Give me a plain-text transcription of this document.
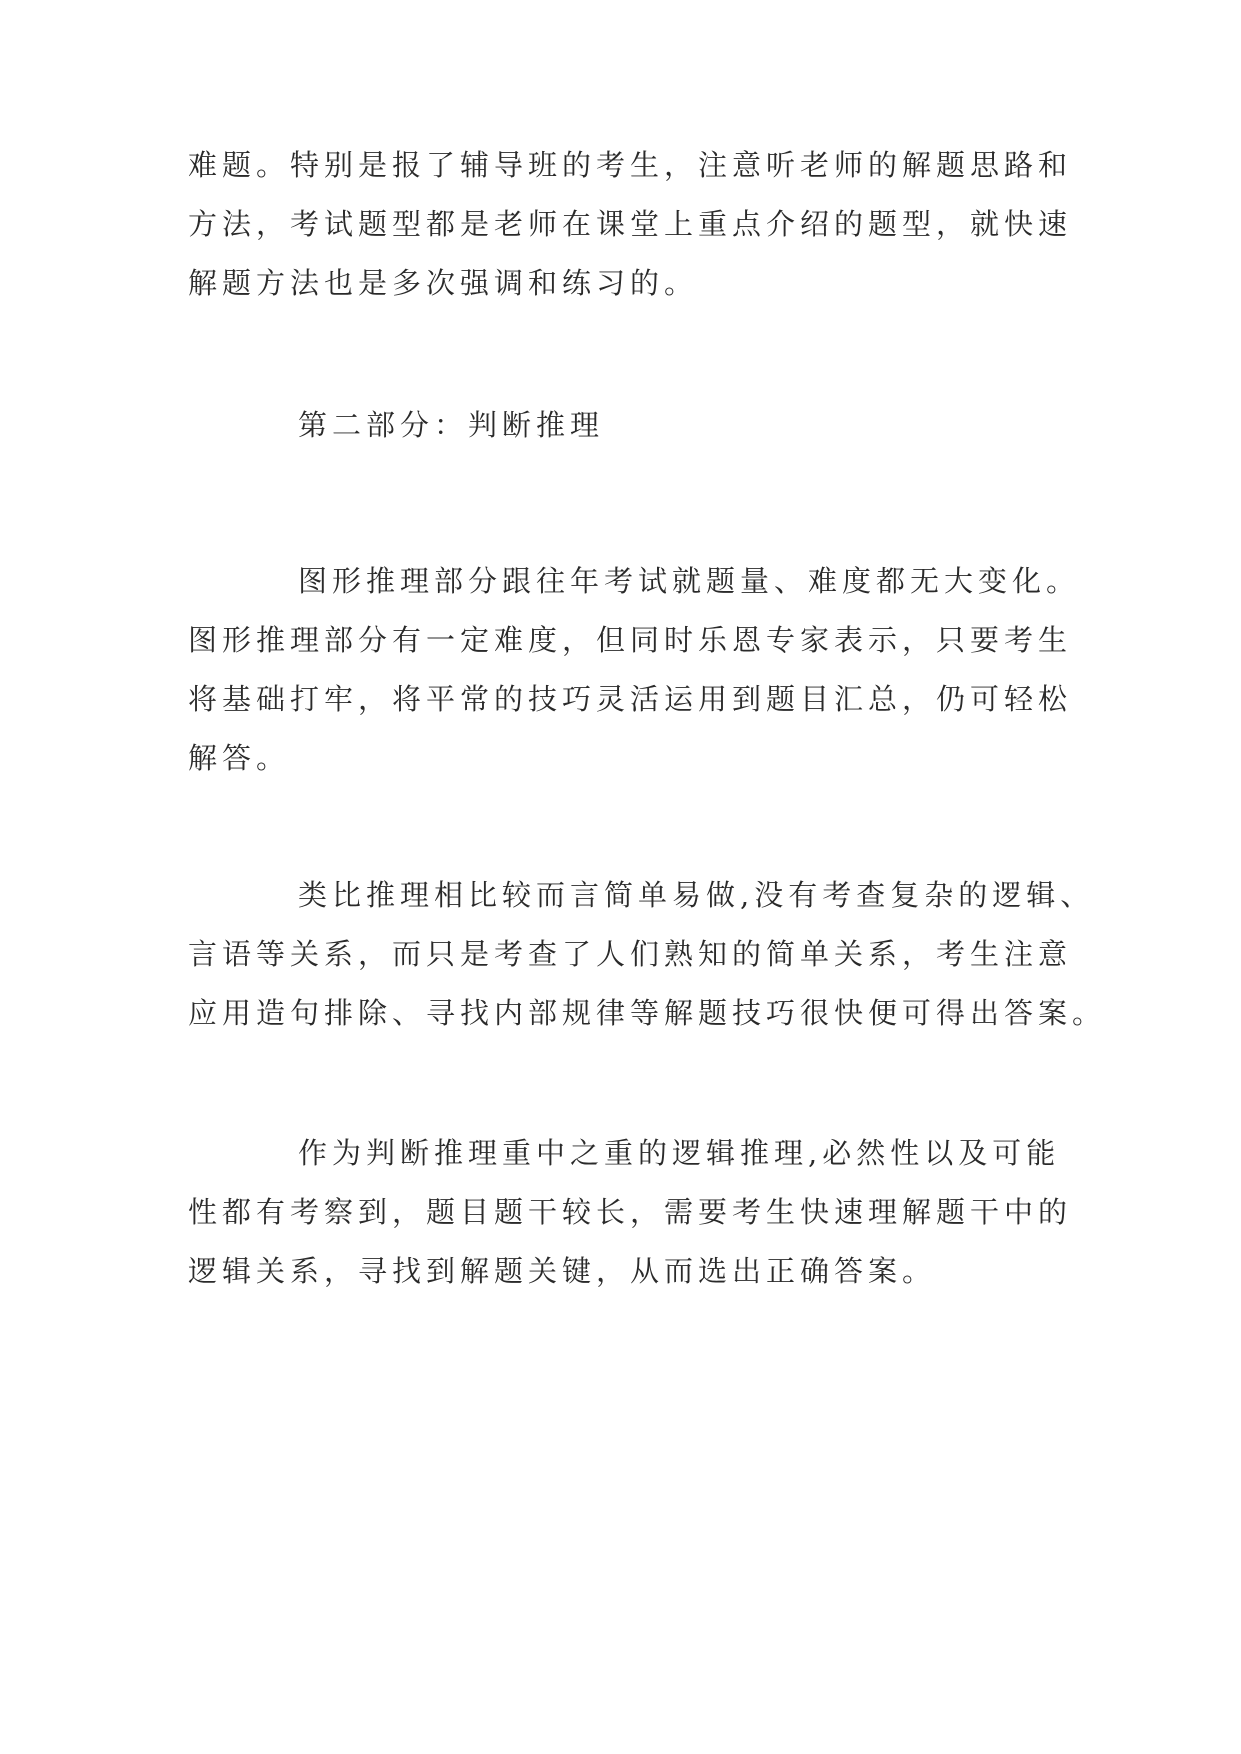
难题。特别是报了辅导班的考生，注意听老师的解题思路和
方法，考试题型都是老师在课堂上重点介绍的题型，就快速
解题方法也是多次强调和练习的。
第二部分：判断推理
图形推理部分跟往年考试就题量、难度都无大变化。
图形推理部分有一定难度，但同时乐恩专家表示，只要考生
将基础打牢，将平常的技巧灵活运用到题目汇总，仍可轻松
解答。
类比推理相比较而言简单易做,没有考查复杂的逻辑、
言语等关系，而只是考查了人们熟知的简单关系，考生注意
应用造句排除、寻找内部规律等解题技巧很快便可得出答案。
作为判断推理重中之重的逻辑推理,必然性以及可能
性都有考察到，题目题干较长，需要考生快速理解题干中的
逻辑关系，寻找到解题关键，从而选出正确答案。
